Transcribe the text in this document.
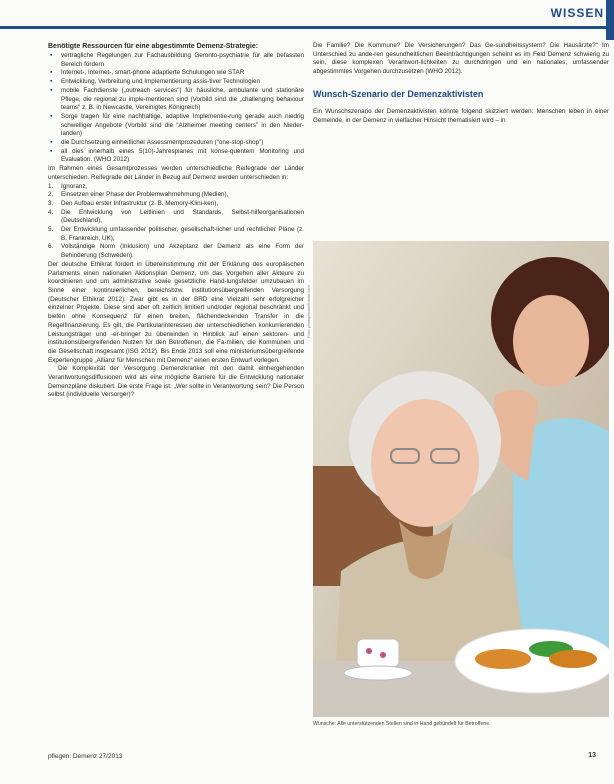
WISSEN

Benötigte Ressourcen für eine abgestimmte Demenz-Strategie:

▪ vertragliche Regelungen zur Fachausbildung Geronto-psychiatrie für alle befassten Bereich fördern
▪ Internet-, Internet-, smart-phone adaptierte Schulungen wie STAR
▪ Entwicklung, Verbreitung und Implementierung assis-tiver Technologien
▪ mobile Fachdienste („outreach services“) für häusliche, ambulante und stationäre Pflege, die regional zu imple-mentieren sind (Vorbild sind die „challenging behaviour teams“ z. B. in Newcastle, Vereinigtes Königreich)
▪ Sorge tragen für eine nachhaltige, adaptive Implementie-rung gerade auch niedrig schwelliger Angebote (Vorbild sind die “Alzheimer meeting centers” in den Nieder-landen)
▪ die Durchsetzung einheitlicher Assessmentprozeduren (“one-stop-shop”)
▪ all dies innerhalb eines 5(10)-Jahresplanes mit konse-quentem Monitoring und Evaluation. (WHO 2012)

Im Rahmen eines Gesamtprozesses werden unterschiedliche Reifegrade der Länder unterschieden. Reifegrade der Länder in Bezug auf Demenz werden unterschieden in:

1. Ignoranz,
2. Einsetzen einer Phase der Problemwahrnehmung (Medien),
3. Den Aufbau erster Infrastruktur (z. B. Memory-Klini-ken),
4. Die Entwicklung von Leitlinien und Standards, Selbst-hilfeorganisationen (Deutschland),
5. Der Entwicklung umfassender politischer, gesellschaft-licher und rechtlicher Pläne (z. B. Frankreich, UK),
6. Vollständige Norm (Inklusion) und Akzeptanz der Demenz als eine Form der Behinderung (Schweden).

Der deutsche Ethikrat fordert in Übereinstimmung mit der Erklärung des europäischen Parlaments einen nationalen Aktionsplan Demenz, um das Vorgehen aller Akteure zu koordinieren und um administrative sowie gesetzliche Hand-lungsfelder umzubauen im Sinne einer kontinuierlichen, bereichsbzw. institutionsübergreifenden Versorgung (Deutscher Ethikrat 2012). Zwar gibt es in der BRD eine Vielzahl sehr erfolgreicher einzelner Projekte. Diese sind aber oft zeitlich limitiert und/oder regional beschränkt und bieten ohne Konsequenz für einen breiten, flächendeckenden Transfer in die Regelfinanzierung. Es gilt, die Partikularinteressen der unterschiedlichen konkurrierenden Leistungsträger und -er-bringer zu überwinden in Hinblick auf einen sektoren- und institutionsübergreifenden Nutzen für den Betroffenen, die Fa-milien, die Kommunen und die Gesellschaft insgesamt (ISG 2012). Bis Ende 2013 soll eine ministeriumsübergreifende Expertengruppe „Allianz für Menschen mit Demenz“ einen ersten Entwurf vorlegen.

Die Komplexität der Versorgung Demenzkranker mit den damit einhergehenden Verantwortungsdiffusionen wird als eine mögliche Barriere für die Entwicklung nationaler Demenzpläne diskutiert. Die erste Frage ist: „Wer sollte in Verantwortung sein? Die Person selbst (individuelle Versorger)?

Die Familie? Die Kommune? Die Versicherungen? Das Ge-sundheitssystem? Die Hausärzte?“ Im Unterschied zu ande-ren gesundheitlichen Beeinträchtigungen scheint es im Feld Demenz schwierig zu sein, diese komplexen Verantwort-lichkeiten zu durchdringen und ein nationales, umfassender abgestimmtes Vorgehen durchzusetzen (WHO 2012).

Wunsch-Szenario der Demenzaktivisten

Ein Wunschszenario der Demenzaktivisten könnte folgend skizziert werden: Menschen leben in einer Gemeinde, in der Demenz in vielfacher Hinsicht thematisiert wird – in

Foto: photophonie/fotolia.com
Wünsche: Alle unterstützenden Stellen sind in Hand gebündelt für Betroffene.
pflegen: Demenz 27/2013	13
